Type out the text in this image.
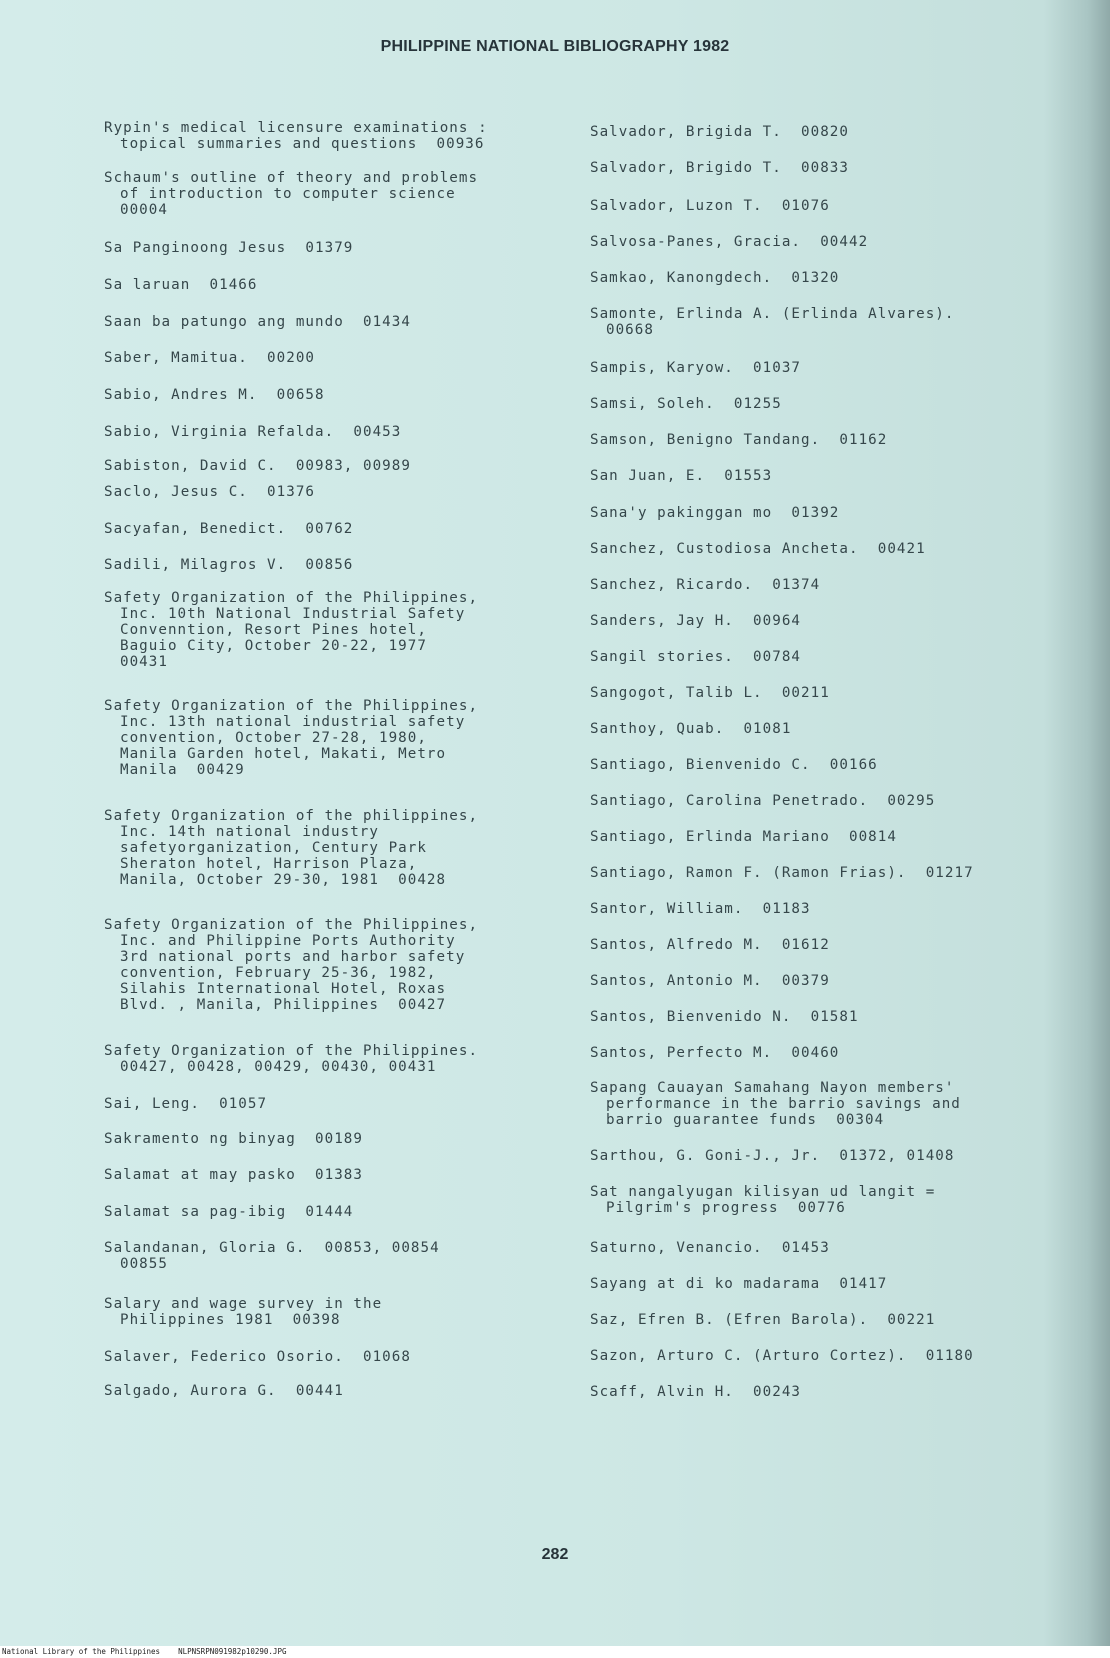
PHILIPPINE NATIONAL BIBLIOGRAPHY 1982
Rypin's medical licensure examinations :
topical summaries and questions  00936
Schaum's outline of theory and problems
of introduction to computer science
00004
Sa Panginoong Jesus  01379
Sa laruan  01466
Saan ba patungo ang mundo  01434
Saber, Mamitua.  00200
Sabio, Andres M.  00658
Sabio, Virginia Refalda.  00453
Sabiston, David C.  00983, 00989
Saclo, Jesus C.  01376
Sacyafan, Benedict.  00762
Sadili, Milagros V.  00856
Safety Organization of the Philippines,
Inc. 10th National Industrial Safety
Convenntion, Resort Pines hotel,
Baguio City, October 20-22, 1977
00431
Safety Organization of the Philippines,
Inc. 13th national industrial safety
convention, October 27-28, 1980,
Manila Garden hotel, Makati, Metro
Manila  00429
Safety Organization of the philippines,
Inc. 14th national industry
safetyorganization, Century Park
Sheraton hotel, Harrison Plaza,
Manila, October 29-30, 1981  00428
Safety Organization of the Philippines,
Inc. and Philippine Ports Authority
3rd national ports and harbor safety
convention, February 25-36, 1982,
Silahis International Hotel, Roxas
Blvd. , Manila, Philippines  00427
Safety Organization of the Philippines.
00427, 00428, 00429, 00430, 00431
Sai, Leng.  01057
Sakramento ng binyag  00189
Salamat at may pasko  01383
Salamat sa pag-ibig  01444
Salandanan, Gloria G.  00853, 00854
00855
Salary and wage survey in the
Philippines 1981  00398
Salaver, Federico Osorio.  01068
Salgado, Aurora G.  00441
Salvador, Brigida T.  00820
Salvador, Brigido T.  00833
Salvador, Luzon T.  01076
Salvosa-Panes, Gracia.  00442
Samkao, Kanongdech.  01320
Samonte, Erlinda A. (Erlinda Alvares).
00668
Sampis, Karyow.  01037
Samsi, Soleh.  01255
Samson, Benigno Tandang.  01162
San Juan, E.  01553
Sana'y pakinggan mo  01392
Sanchez, Custodiosa Ancheta.  00421
Sanchez, Ricardo.  01374
Sanders, Jay H.  00964
Sangil stories.  00784
Sangogot, Talib L.  00211
Santhoy, Quab.  01081
Santiago, Bienvenido C.  00166
Santiago, Carolina Penetrado.  00295
Santiago, Erlinda Mariano  00814
Santiago, Ramon F. (Ramon Frias).  01217
Santor, William.  01183
Santos, Alfredo M.  01612
Santos, Antonio M.  00379
Santos, Bienvenido N.  01581
Santos, Perfecto M.  00460
Sapang Cauayan Samahang Nayon members'
performance in the barrio savings and
barrio guarantee funds  00304
Sarthou, G. Goni-J., Jr.  01372, 01408
Sat nangalyugan kilisyan ud langit =
Pilgrim's progress  00776
Saturno, Venancio.  01453
Sayang at di ko madarama  01417
Saz, Efren B. (Efren Barola).  00221
Sazon, Arturo C. (Arturo Cortez).  01180
Scaff, Alvin H.  00243
282
National Library of the Philippines    NLPNSRPN091982p10290.JPG
